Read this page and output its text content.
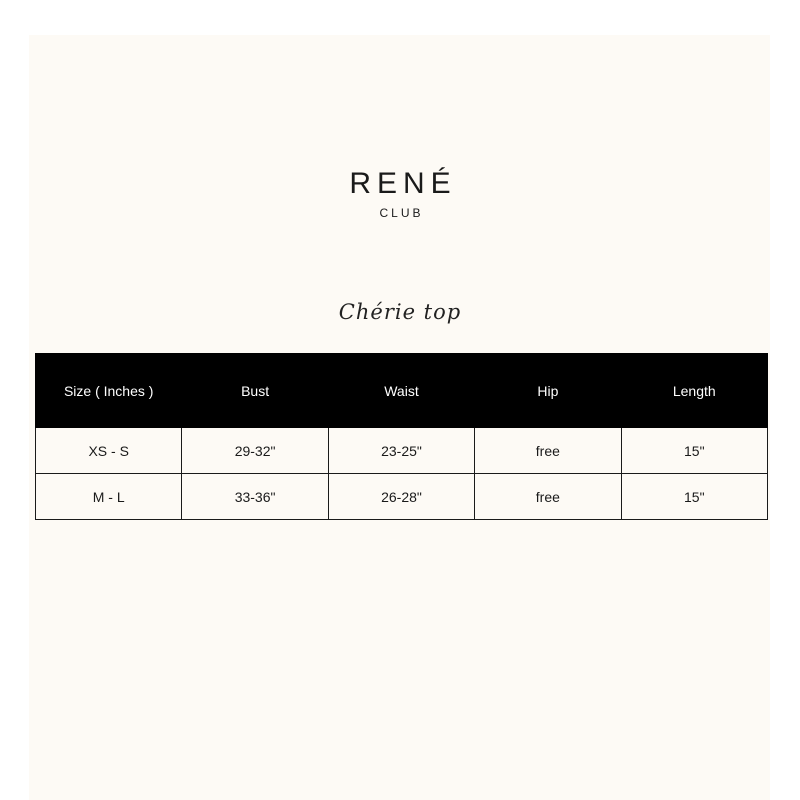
RENÉ
CLUB
Chérie top
Size ( Inches )	Bust	Waist	Hip	Length
XS - S	29-32"	23-25"	free	15"
M - L	33-36"	26-28"	free	15"
